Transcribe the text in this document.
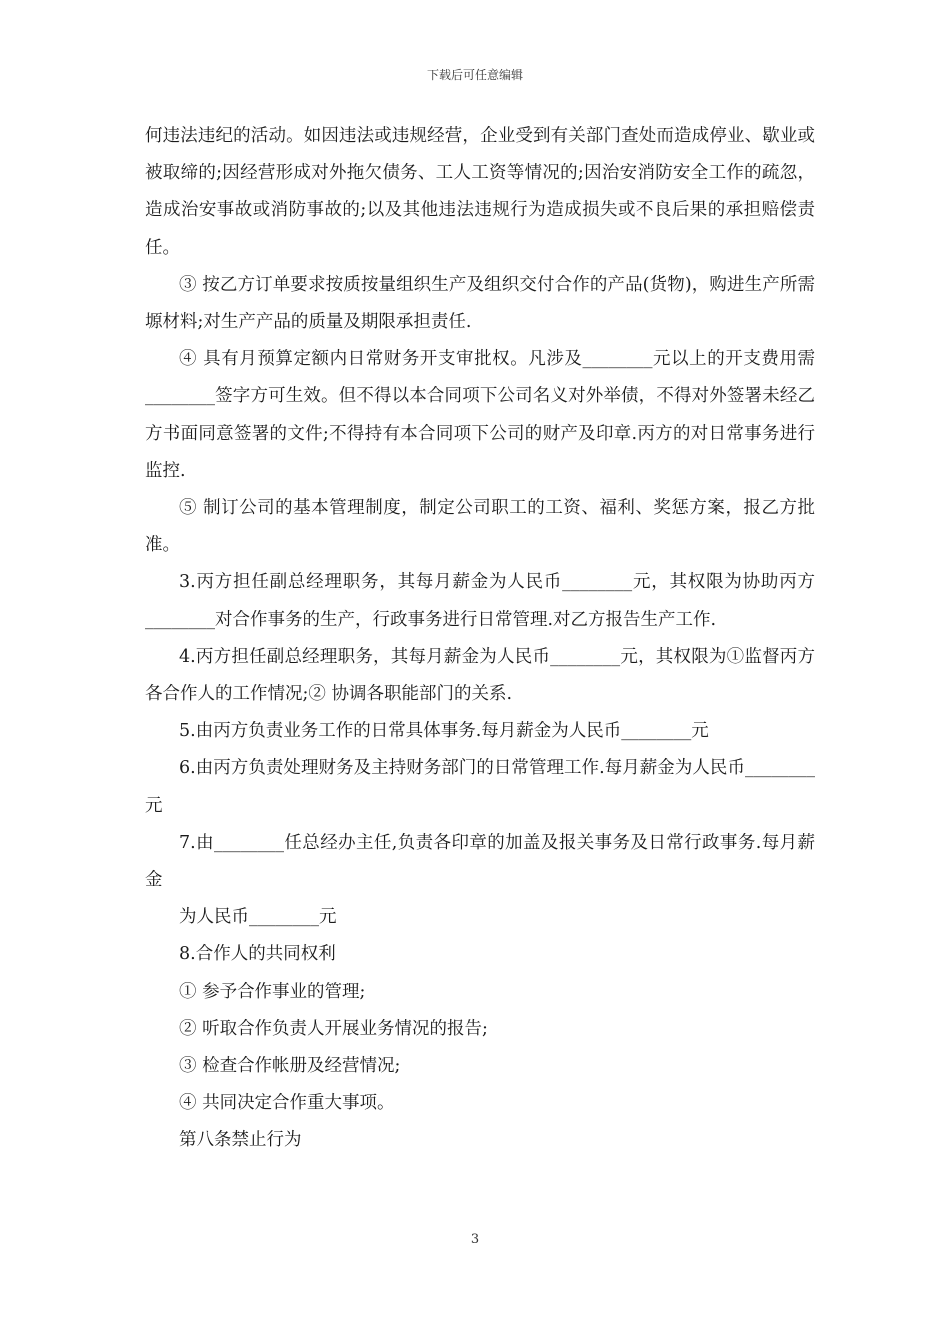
下载后可任意编辑

何违法违纪的活动。如因违法或违规经营，企业受到有关部门查处而造成停业、歇业或被取缔的;因经营形成对外拖欠债务、工人工资等情况的;因治安消防安全工作的疏忽，造成治安事故或消防事故的;以及其他违法违规行为造成损失或不良后果的承担赔偿责任。

③ 按乙方订单要求按质按量组织生产及组织交付合作的产品(货物)，购进生产所需塬材料;对生产产品的质量及期限承担责任.

④ 具有月预算定额内日常财务开支审批权。凡涉及________元以上的开支费用需________签字方可生效。但不得以本合同项下公司名义对外举债，不得对外签署未经乙方书面同意签署的文件;不得持有本合同项下公司的财产及印章.丙方的对日常事务进行监控.

⑤ 制订公司的基本管理制度，制定公司职工的工资、福利、奖惩方案，报乙方批准。

3.丙方担任副总经理职务，其每月薪金为人民币________元，其权限为协助丙方________对合作事务的生产，行政事务进行日常管理.对乙方报告生产工作.

4.丙方担任副总经理职务，其每月薪金为人民币________元，其权限为①监督丙方各合作人的工作情况;② 协调各职能部门的关系.

5.由丙方负责业务工作的日常具体事务.每月薪金为人民币________元

6.由丙方负责处理财务及主持财务部门的日常管理工作.每月薪金为人民币________元

7.由________任总经办主任,负责各印章的加盖及报关事务及日常行政事务.每月薪金

为人民币________元

8.合作人的共同权利

① 参予合作事业的管理;

② 听取合作负责人开展业务情况的报告;

③ 检查合作帐册及经营情况;

④ 共同决定合作重大事项。

第八条禁止行为

3
